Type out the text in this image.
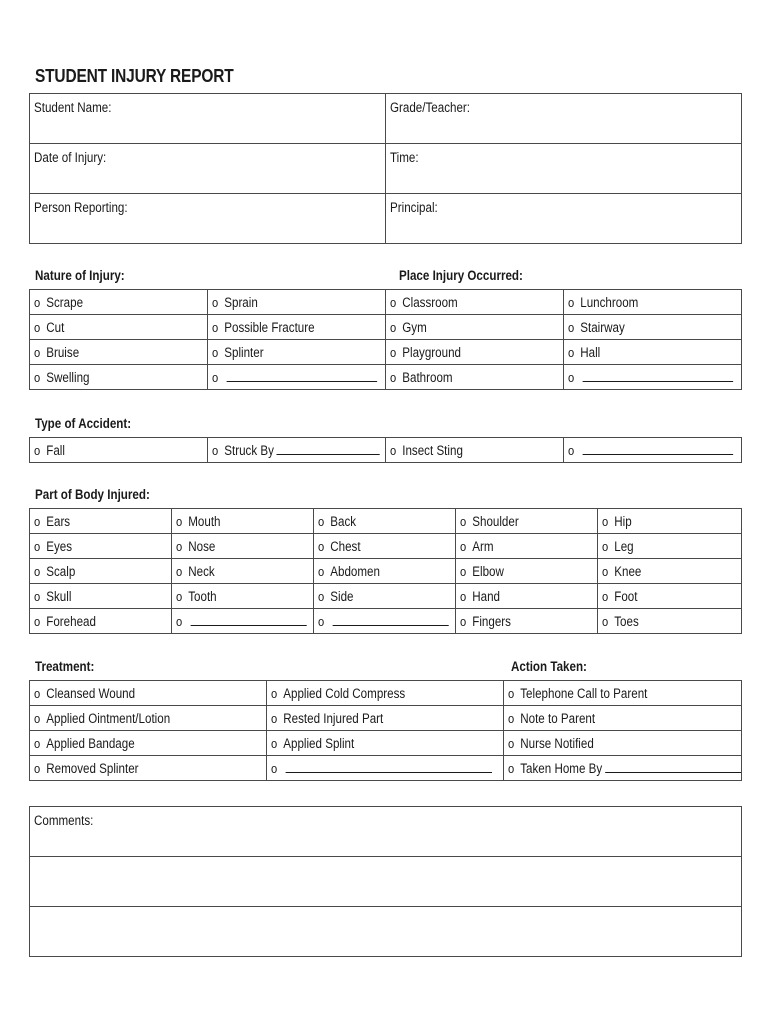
STUDENT INJURY REPORT
Student Name:	Grade/Teacher:
Date of Injury:	Time:
Person Reporting:	Principal:
Nature of Injury:	Place Injury Occurred:
o Scrape	o Sprain	o Classroom	o Lunchroom
o Cut	o Possible Fracture	o Gym	o Stairway
o Bruise	o Splinter	o Playground	o Hall
o Swelling	o	o Bathroom	o
Type of Accident:
o Fall	o Struck By	o Insect Sting	o
Part of Body Injured:
o Ears	o Mouth	o Back	o Shoulder	o Hip
o Eyes	o Nose	o Chest	o Arm	o Leg
o Scalp	o Neck	o Abdomen	o Elbow	o Knee
o Skull	o Tooth	o Side	o Hand	o Foot
o Forehead	o	o	o Fingers	o Toes
Treatment:	Action Taken:
o Cleansed Wound	o Applied Cold Compress	o Telephone Call to Parent
o Applied Ointment/Lotion	o Rested Injured Part	o Note to Parent
o Applied Bandage	o Applied Splint	o Nurse Notified
o Removed Splinter	o	o Taken Home By
Comments:
